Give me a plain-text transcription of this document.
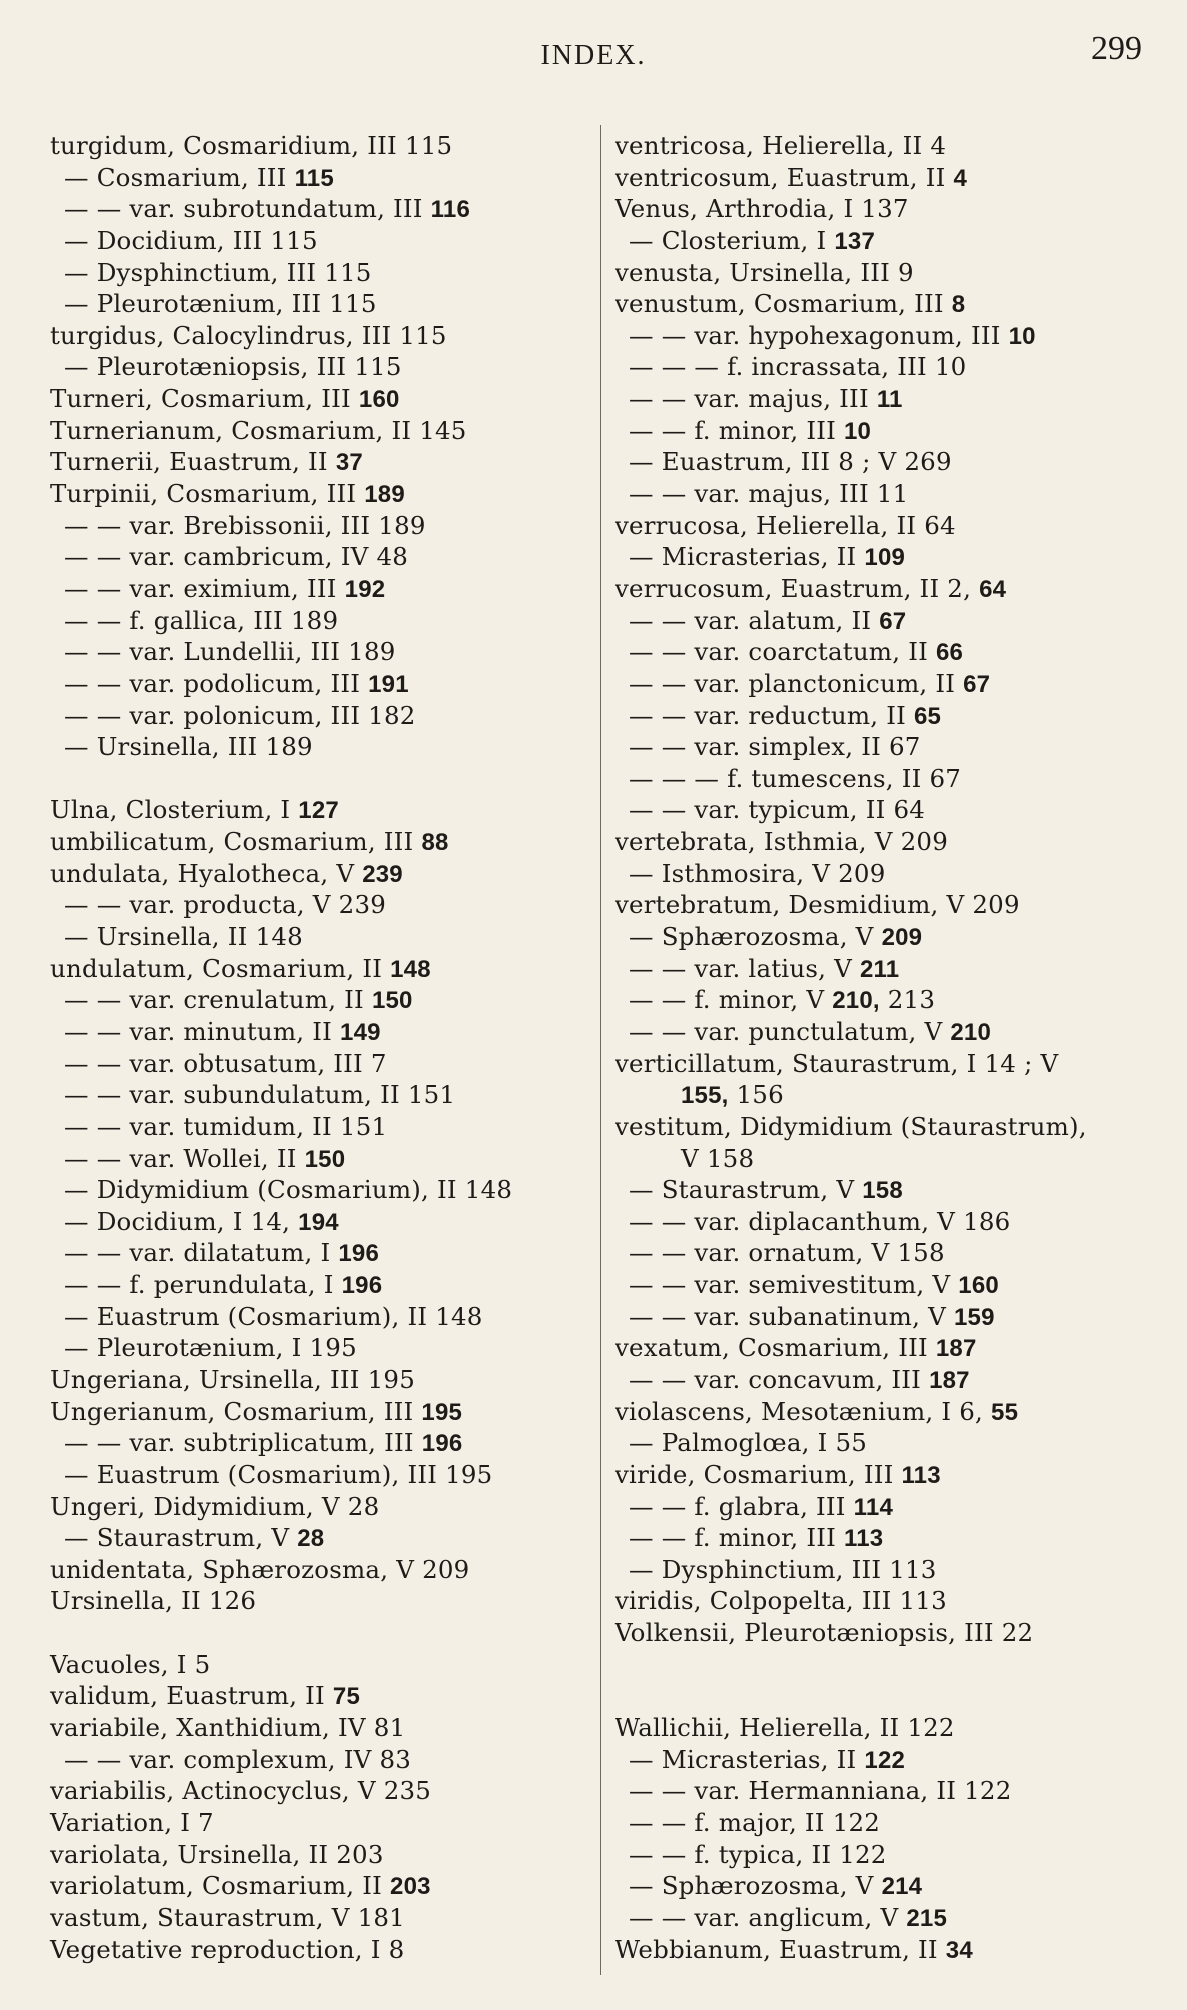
INDEX.	299
turgidum, Cosmaridium, III 115
— Cosmarium, III 115
— — var. subrotundatum, III 116
— Docidium, III 115
— Dysphinctium, III 115
— Pleurotænium, III 115
turgidus, Calocylindrus, III 115
— Pleurotæniopsis, III 115
Turneri, Cosmarium, III 160
Turnerianum, Cosmarium, II 145
Turnerii, Euastrum, II 37
Turpinii, Cosmarium, III 189
— — var. Brebissonii, III 189
— — var. cambricum, IV 48
— — var. eximium, III 192
— — f. gallica, III 189
— — var. Lundellii, III 189
— — var. podolicum, III 191
— — var. polonicum, III 182
— Ursinella, III 189
Ulna, Closterium, I 127
umbilicatum, Cosmarium, III 88
undulata, Hyalotheca, V 239
— — var. producta, V 239
— Ursinella, II 148
undulatum, Cosmarium, II 148
— — var. crenulatum, II 150
— — var. minutum, II 149
— — var. obtusatum, III 7
— — var. subundulatum, II 151
— — var. tumidum, II 151
— — var. Wollei, II 150
— Didymidium (Cosmarium), II 148
— Docidium, I 14, 194
— — var. dilatatum, I 196
— — f. perundulata, I 196
— Euastrum (Cosmarium), II 148
— Pleurotænium, I 195
Ungeriana, Ursinella, III 195
Ungerianum, Cosmarium, III 195
— — var. subtriplicatum, III 196
— Euastrum (Cosmarium), III 195
Ungeri, Didymidium, V 28
— Staurastrum, V 28
unidentata, Sphærozosma, V 209
Ursinella, II 126
Vacuoles, I 5
validum, Euastrum, II 75
variabile, Xanthidium, IV 81
— — var. complexum, IV 83
variabilis, Actinocyclus, V 235
Variation, I 7
variolata, Ursinella, II 203
variolatum, Cosmarium, II 203
vastum, Staurastrum, V 181
Vegetative reproduction, I 8
ventricosa, Helierella, II 4
ventricosum, Euastrum, II 4
Venus, Arthrodia, I 137
— Closterium, I 137
venusta, Ursinella, III 9
venustum, Cosmarium, III 8
— — var. hypohexagonum, III 10
— — — f. incrassata, III 10
— — var. majus, III 11
— — f. minor, III 10
— Euastrum, III 8 ; V 269
— — var. majus, III 11
verrucosa, Helierella, II 64
— Micrasterias, II 109
verrucosum, Euastrum, II 2, 64
— — var. alatum, II 67
— — var. coarctatum, II 66
— — var. planctonicum, II 67
— — var. reductum, II 65
— — var. simplex, II 67
— — — f. tumescens, II 67
— — var. typicum, II 64
vertebrata, Isthmia, V 209
— Isthmosira, V 209
vertebratum, Desmidium, V 209
— Sphærozosma, V 209
— — var. latius, V 211
— — f. minor, V 210, 213
— — var. punctulatum, V 210
verticillatum, Staurastrum, I 14 ; V
155, 156
vestitum, Didymidium (Staurastrum),
V 158
— Staurastrum, V 158
— — var. diplacanthum, V 186
— — var. ornatum, V 158
— — var. semivestitum, V 160
— — var. subanatinum, V 159
vexatum, Cosmarium, III 187
— — var. concavum, III 187
violascens, Mesotænium, I 6, 55
— Palmoglœa, I 55
viride, Cosmarium, III 113
— — f. glabra, III 114
— — f. minor, III 113
— Dysphinctium, III 113
viridis, Colpopelta, III 113
Volkensii, Pleurotæniopsis, III 22
Wallichii, Helierella, II 122
— Micrasterias, II 122
— — var. Hermanniana, II 122
— — f. major, II 122
— — f. typica, II 122
— Sphærozosma, V 214
— — var. anglicum, V 215
Webbianum, Euastrum, II 34
